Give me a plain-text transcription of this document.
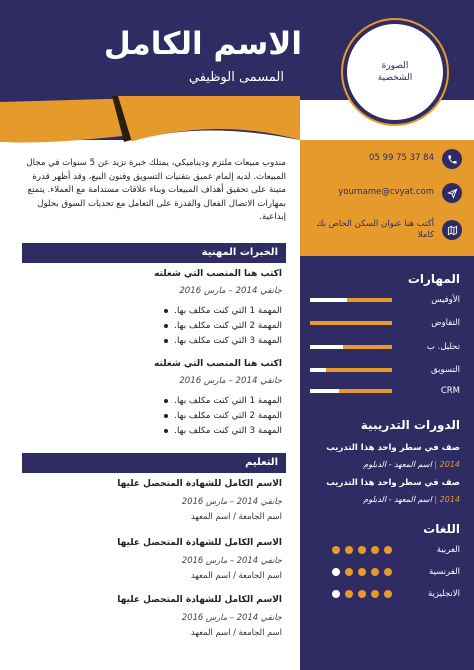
الصورة
الشخصية
الاسم الكامل
المسمى الوظيفي
84 37 75 99 05
yourname@cvyat.com
أكتب هنا عنوان السكن الخاص بك كاملا
المهارات
الأوفيس
التفاوض
تحليل. ب
التسويق
CRM
الدورات التدريبية
صف في سطر واحد هذا التدريب
2014 | اسم المعهد - الدبلوم
صف في سطر واحد هذا التدريب
2014 | اسم المعهد - الدبلوم
اللغات
العربية
الفرنسية
الانجليزية
مندوب مبيعات ملتزم وديناميكي، يمتلك خبرة تزيد عن 5 سنوات في مجال المبيعات. لديه إلمام عميق بتقنيات التسويق وفنون البيع، وقد أظهر قدرة متينة على تحقيق أهداف المبيعات وبناء علاقات مستدامة مع العملاء. يتمتع بمهارات الاتصال الفعال والقدرة على التعامل مع تحديات السوق بحلول إبداعية.
الخبرات المهنية
اكتب هنا المنصب التي شغلته
جانفي 2014 – مارس 2016
المهمة 1 التي كنت مكلف بها.
المهمة 2 التي كنت مكلف بها.
المهمة 3 التي كنت مكلف بها.
اكتب هنا المنصب التي شغلته
جانفي 2014 – مارس 2016
المهمة 1 التي كنت مكلف بها.
المهمة 2 التي كنت مكلف بها.
المهمة 3 التي كنت مكلف بها.
التعليم
الاسم الكامل للشهادة المتحصل عليها
جانفي 2014 – مارس 2016
اسم الجامعة / اسم المعهد
الاسم الكامل للشهادة المتحصل عليها
جانفي 2014 – مارس 2016
اسم الجامعة / اسم المعهد
الاسم الكامل للشهادة المتحصل عليها
جانفي 2014 – مارس 2016
اسم الجامعة / اسم المعهد
